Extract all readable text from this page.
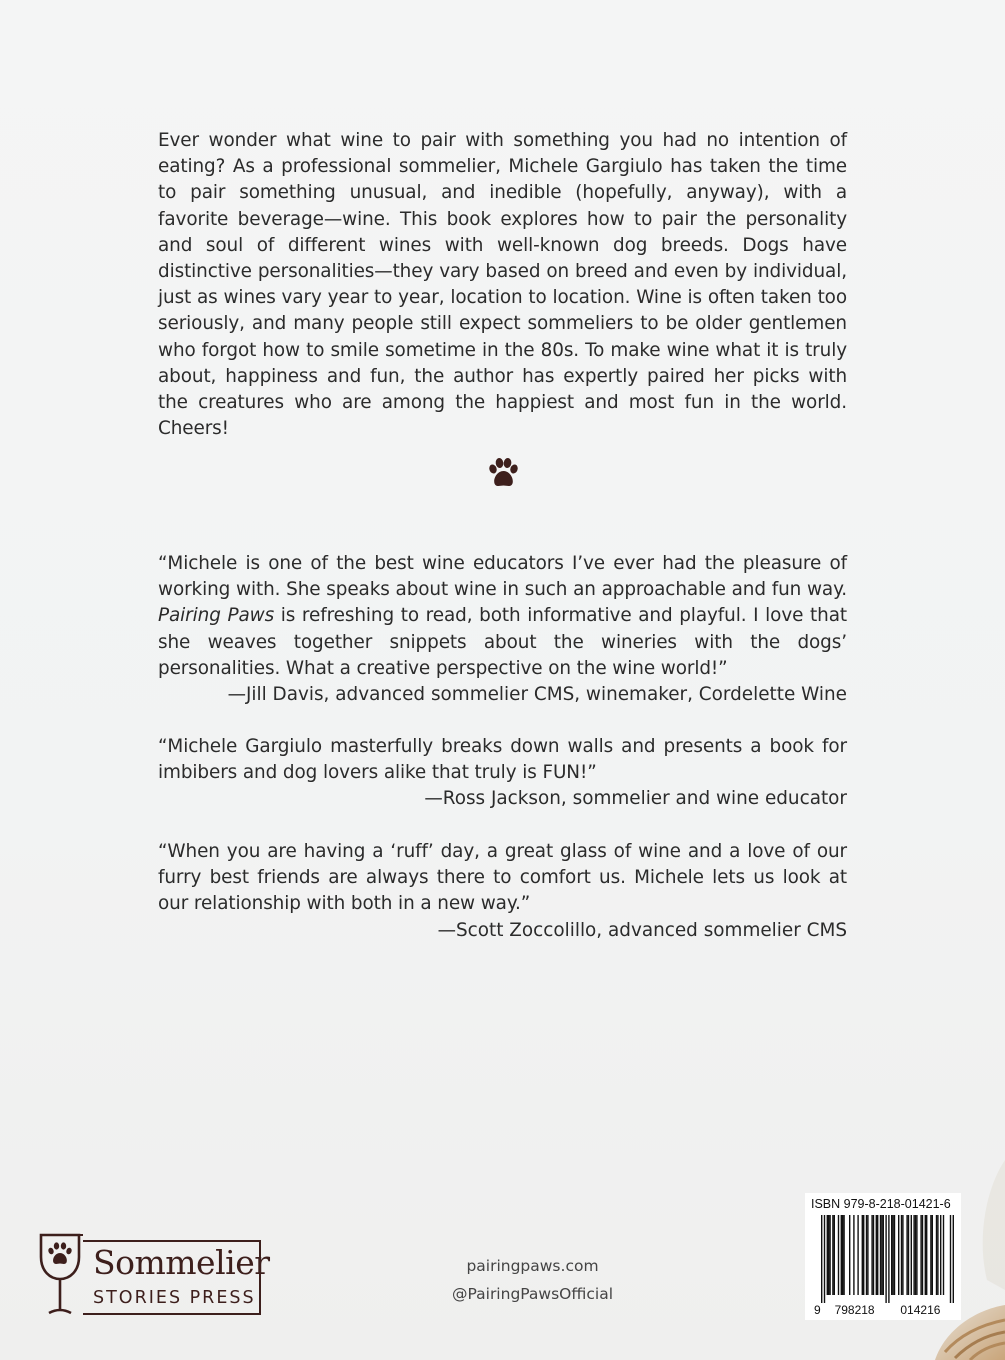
Ever wonder what wine to pair with something you had no intention of eating? As a professional sommelier, Michele Gargiulo has taken the time to pair something unusual, and inedible (hopefully, anyway), with a favorite beverage—wine. This book explores how to pair the personality and soul of different wines with well-known dog breeds. Dogs have distinctive personalities—they vary based on breed and even by individual, just as wines vary year to year, location to location. Wine is often taken too seriously, and many people still expect sommeliers to be older gentlemen who forgot how to smile sometime in the 80s. To make wine what it is truly about, happiness and fun, the author has expertly paired her picks with the creatures who are among the happiest and most fun in the world. Cheers!

“Michele is one of the best wine educators I’ve ever had the pleasure of working with. She speaks about wine in such an approachable and fun way. Pairing Paws is refreshing to read, both informative and playful. I love that she weaves together snippets about the wineries with the dogs’ personalities. What a creative perspective on the wine world!”
—Jill Davis, advanced sommelier CMS, winemaker, Cordelette Wine
“Michele Gargiulo masterfully breaks down walls and presents a book for imbibers and dog lovers alike that truly is FUN!”
—Ross Jackson, sommelier and wine educator
“When you are having a ‘ruff’ day, a great glass of wine and a love of our furry best friends are always there to comfort us. Michele lets us look at our relationship with both in a new way.”
—Scott Zoccolillo, advanced sommelier CMS
Sommelier
STORIES PRESS
pairingpaws.com
@PairingPawsOfficial
ISBN 979-8-218-01421-6
9 798218 014216
